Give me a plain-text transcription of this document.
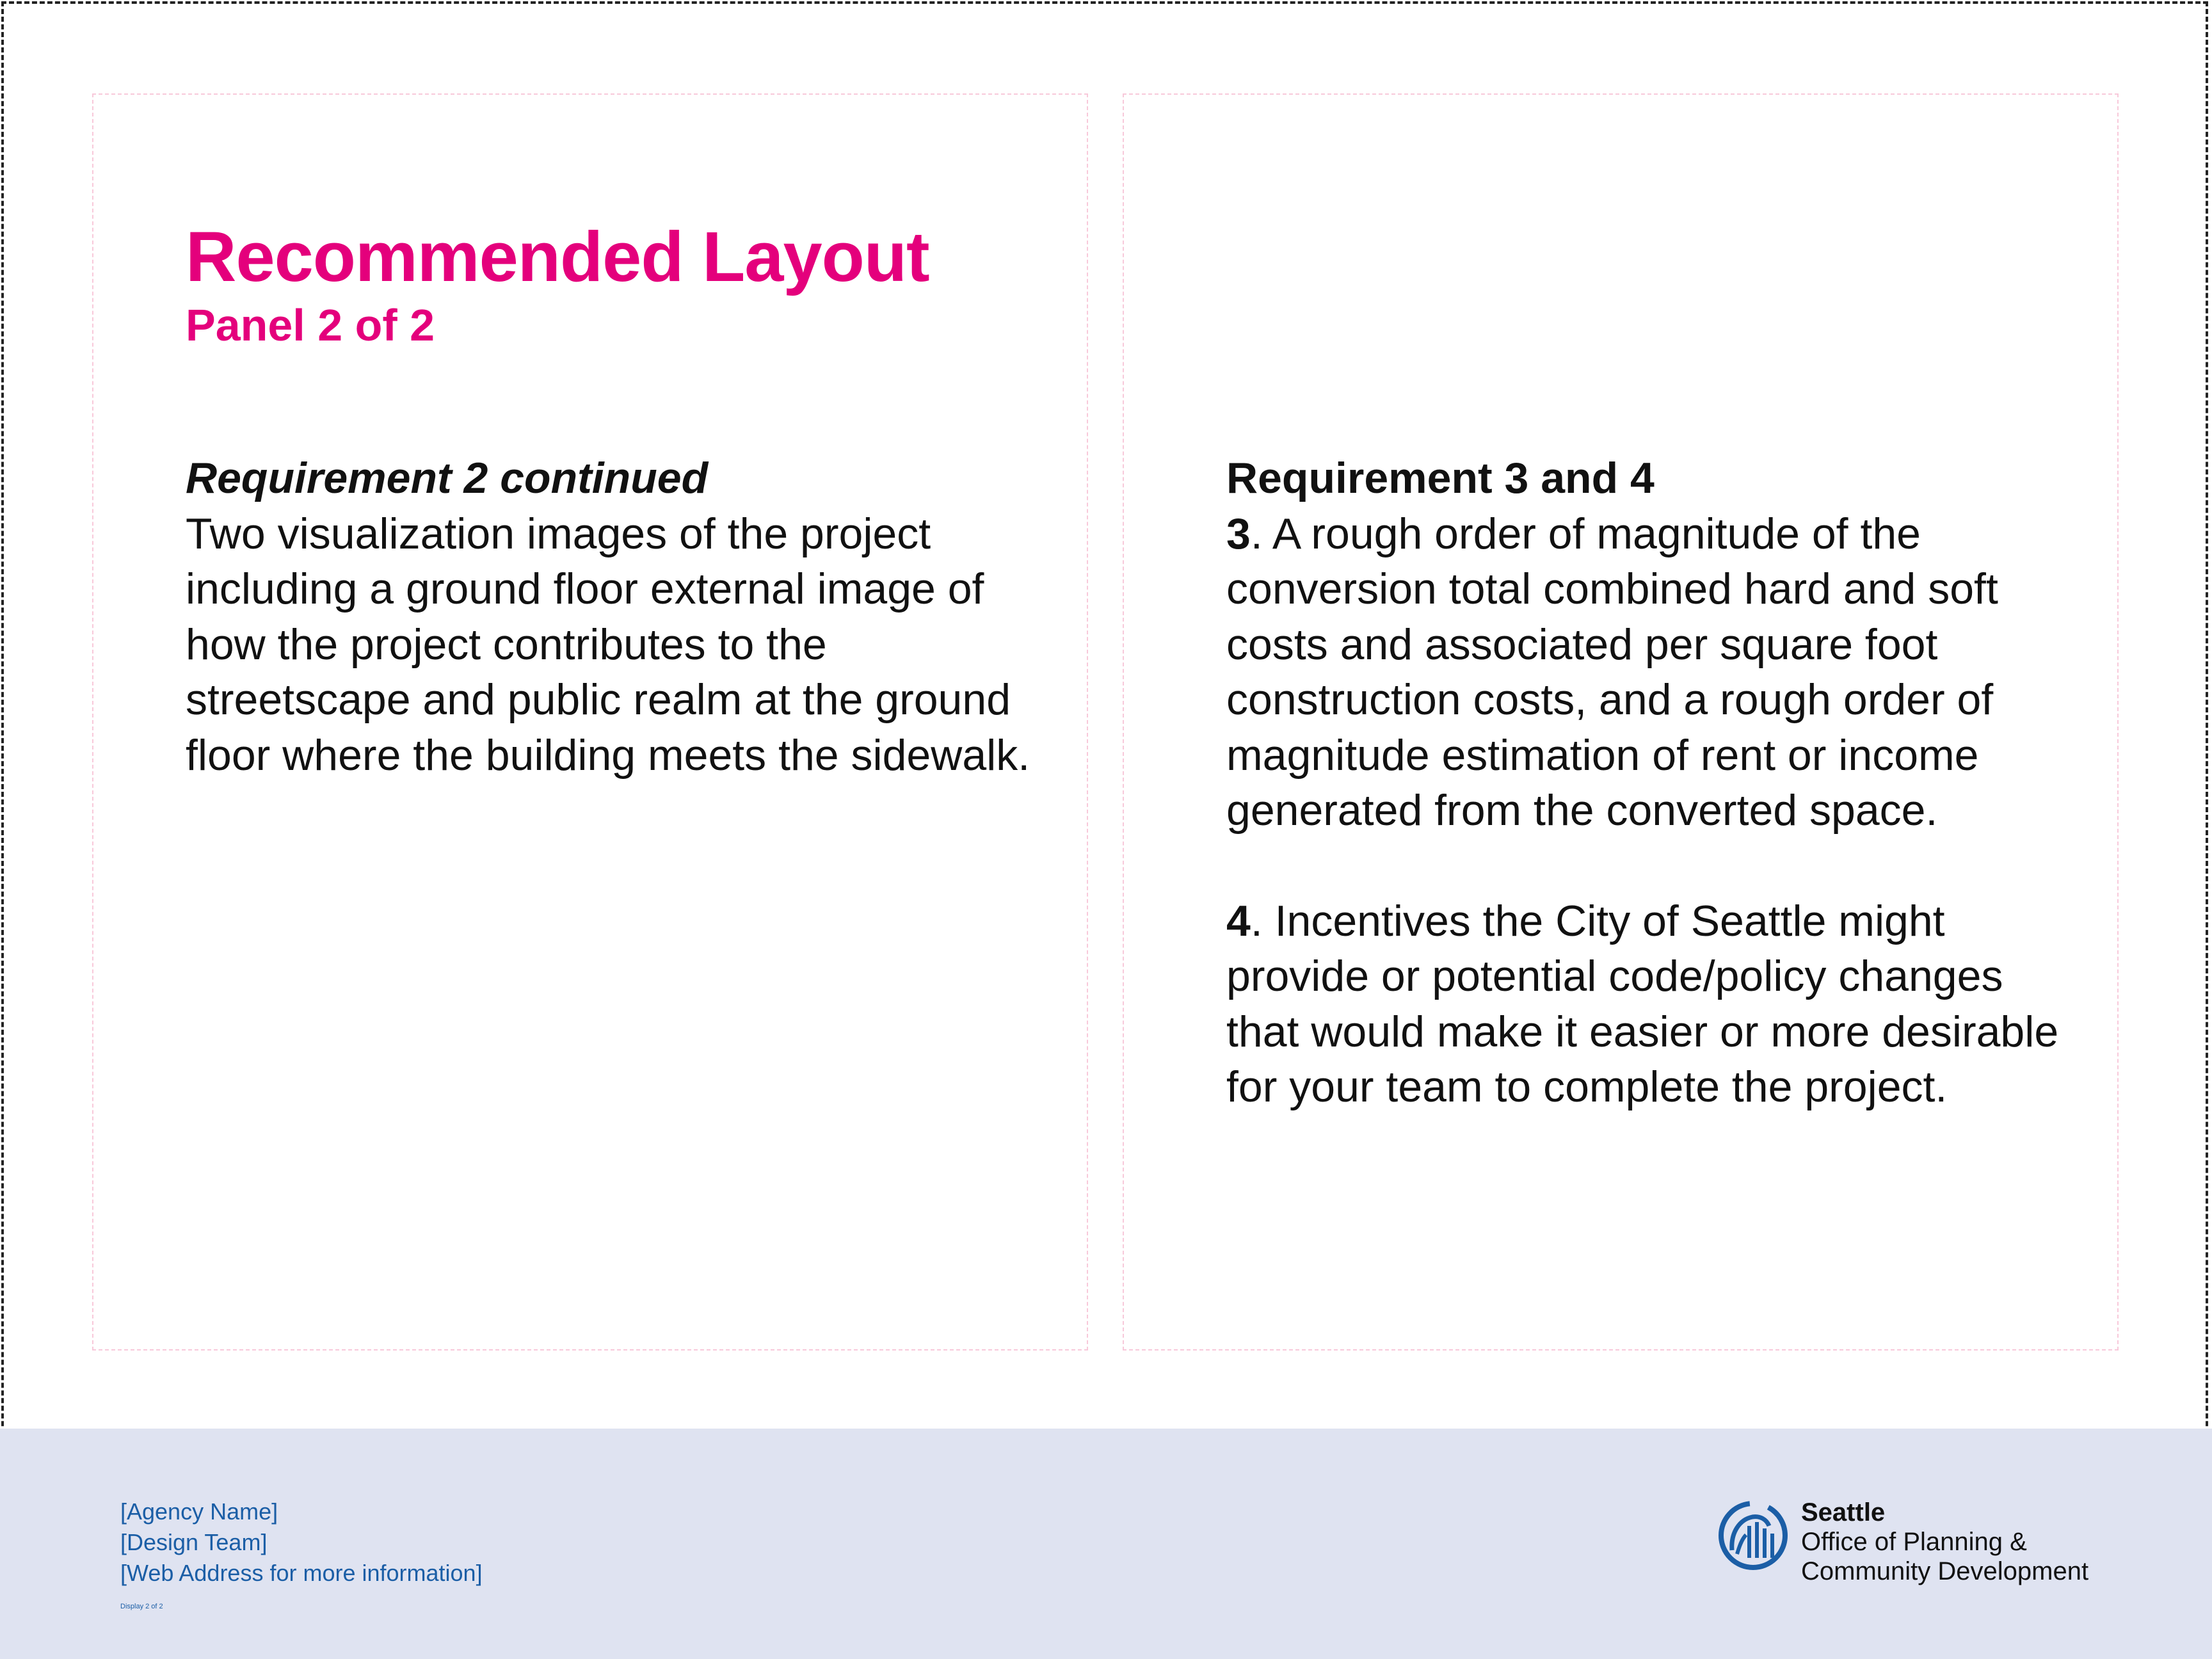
Recommended Layout
Panel 2 of 2
Requirement 2 continued

Two visualization images of the project including a ground floor external image of how the project contributes to the streetscape and public realm at the ground floor where the building meets the sidewalk.

Requirement 3 and 4

3. A rough order of magnitude of the conversion total combined hard and soft costs and associated per square foot construction costs, and a rough order of magnitude estimation of rent or income generated from the converted space.

4. Incentives the City of Seattle might provide or potential code/policy changes that would make it easier or more desirable for your team to complete the project.

[Agency Name]
[Design Team]
[Web Address for more information]
Display 2 of 2
Seattle
Office of Planning &
Community Development
